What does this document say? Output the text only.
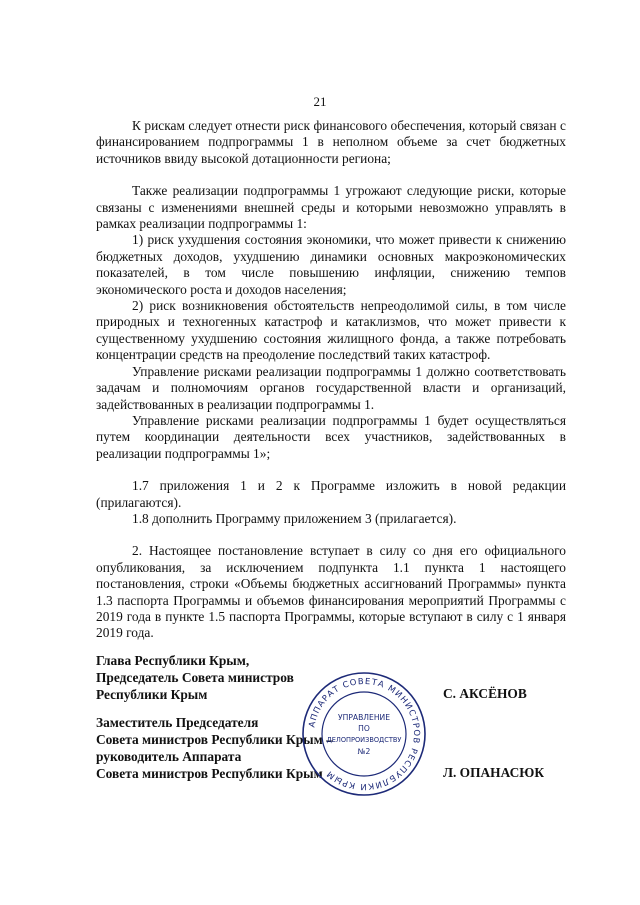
21

К рискам следует отнести риск финансового обеспечения, который связан с финансированием подпрограммы 1 в неполном объеме за счет бюджетных источников ввиду высокой дотационности региона;

Также реализации подпрограммы 1 угрожают следующие риски, которые связаны с изменениями внешней среды и которыми невозможно управлять в рамках реализации подпрограммы 1:

1) риск ухудшения состояния экономики, что может привести к снижению бюджетных доходов, ухудшению динамики основных макроэкономических показателей, в том числе повышению инфляции, снижению темпов экономического роста и доходов населения;

2) риск возникновения обстоятельств непреодолимой силы, в том числе природных и техногенных катастроф и катаклизмов, что может привести к существенному ухудшению состояния жилищного фонда, а также потребовать концентрации средств на преодоление последствий таких катастроф.

Управление рисками реализации подпрограммы 1 должно соответствовать задачам и полномочиям органов государственной власти и организаций, задействованных в реализации подпрограммы 1.

Управление рисками реализации подпрограммы 1 будет осуществляться путем координации деятельности всех участников, задействованных в реализации подпрограммы 1»;

1.7 приложения 1 и 2 к Программе изложить в новой редакции (прилагаются).

1.8 дополнить Программу приложением 3 (прилагается).

2. Настоящее постановление вступает в силу со дня его официального опубликования, за исключением подпункта 1.1 пункта 1 настоящего постановления, строки «Объемы бюджетных ассигнований Программы» пункта 1.3 паспорта Программы и объемов финансирования мероприятий Программы с 2019 года в пункте 1.5 паспорта Программы, которые вступают в силу с 1 января 2019 года.

Глава Республики Крым,
Председатель Совета министров
Республики Крым	С. АКСЁНОВ
Заместитель Председателя
Совета министров Республики Крым –
руководитель Аппарата
Совета министров Республики Крым	Л. ОПАНАСЮК
АППАРАТ СОВЕТА МИНИСТРОВ РЕСПУБЛИКИ КРЫМ
УПРАВЛЕНИЕ
ПО
ДЕЛОПРОИЗВОДСТВУ
№2
